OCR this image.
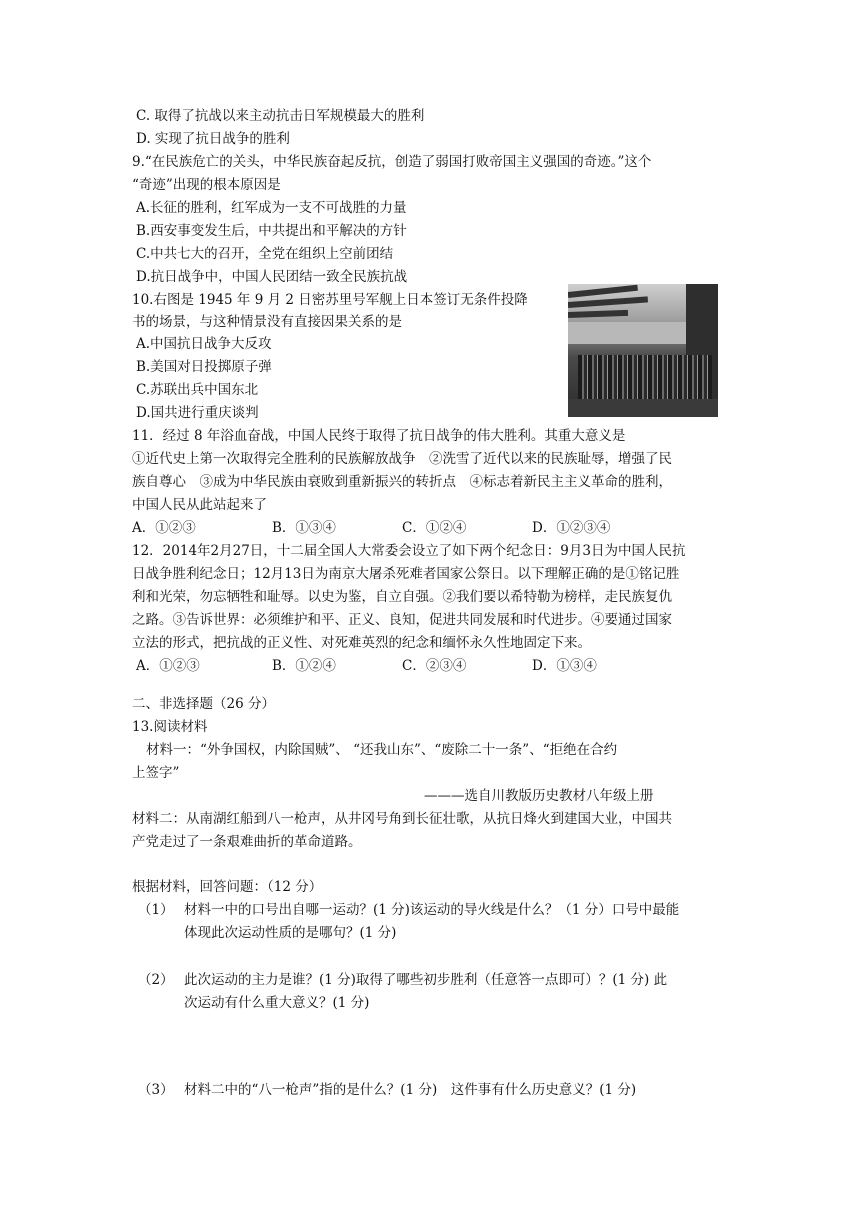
C. 取得了抗战以来主动抗击日军规模最大的胜利
D. 实现了抗日战争的胜利
9.“在民族危亡的关头，中华民族奋起反抗，创造了弱国打败帝国主义强国的奇迹。”这个
“奇迹”出现的根本原因是
A.长征的胜利，红军成为一支不可战胜的力量
B.西安事变发生后，中共提出和平解决的方针
C.中共七大的召开，全党在组织上空前团结
D.抗日战争中，中国人民团结一致全民族抗战
10.右图是 1945 年 9 月 2 日密苏里号军舰上日本签订无条件投降
书的场景，与这种情景没有直接因果关系的是
A.中国抗日战争大反攻
B.美国对日投掷原子弹
C.苏联出兵中国东北
D.国共进行重庆谈判
11．经过 8 年浴血奋战，中国人民终于取得了抗日战争的伟大胜利。其重大意义是
①近代史上第一次取得完全胜利的民族解放战争　②洗雪了近代以来的民族耻辱，增强了民
族自尊心　③成为中华民族由衰败到重新振兴的转折点　④标志着新民主主义革命的胜利，
中国人民从此站起来了
A．①②③	B．①③④	C．①②④	D．①②③④
12．2014年2月27日，十二届全国人大常委会设立了如下两个纪念日：9月3日为中国人民抗
日战争胜利纪念日；12月13日为南京大屠杀死难者国家公祭日。以下理解正确的是①铭记胜
利和光荣，勿忘牺牲和耻辱。以史为鉴，自立自强。②我们要以希特勒为榜样，走民族复仇
之路。③告诉世界：必须维护和平、正义、良知，促进共同发展和时代进步。④要通过国家
立法的形式，把抗战的正义性、对死难英烈的纪念和缅怀永久性地固定下来。
A．①②③	B．①②④	C．②③④	D．①③④
二、非选择题（26 分）
13.阅读材料
材料一：“外争国权，内除国贼”、 “还我山东”、“废除二十一条”、“拒绝在合约
上签字”
———选自川教版历史教材八年级上册
材料二：从南湖红船到八一枪声，从井冈号角到长征壮歌，从抗日烽火到建国大业，中国共
产党走过了一条艰难曲折的革命道路。
根据材料，回答问题：（12 分）
（1） 材料一中的口号出自哪一运动？(1 分)该运动的导火线是什么？（1 分）口号中最能
体现此次运动性质的是哪句？(1 分)
（2） 此次运动的主力是谁？(1 分)取得了哪些初步胜利（任意答一点即可）？(1 分) 此
次运动有什么重大意义？(1 分)
（3） 材料二中的“八一枪声”指的是什么？(1 分)　这件事有什么历史意义？(1 分)
